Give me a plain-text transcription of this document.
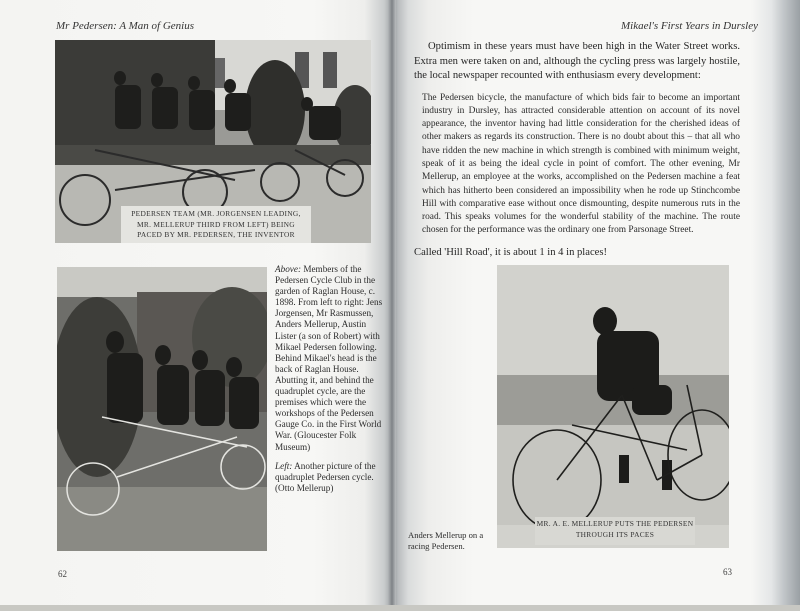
Mr Pedersen: A Man of Genius
PEDERSEN TEAM (MR. JORGENSEN LEADING,
MR. MELLERUP THIRD FROM LEFT) BEING
PACED BY MR. PEDERSEN, THE INVENTOR

Above: Members of the Pedersen Cycle Club in the garden of Raglan House, c. 1898. From left to right: Jens Jorgensen, Mr Rasmussen, Anders Mellerup, Austin Lister (a son of Robert) with Mikael Pedersen following. Behind Mikael's head is the back of Raglan House. Abutting it, and behind the quadruplet cycle, are the premises which were the workshops of the Pedersen Gauge Co. in the First World War. (Gloucester Folk Museum)

Left: Another picture of the quadruplet Pedersen cycle. (Otto Mellerup)

62
Mikael's First Years in Dursley

Optimism in these years must have been high in the Water Street works. Extra men were taken on and, although the cycling press was largely hostile, the local newspaper recounted with enthusiasm every development:

The Pedersen bicycle, the manufacture of which bids fair to become an important industry in Dursley, has attracted considerable attention on account of its novel appearance, the inventor having had little consideration for the cherished ideas of other makers as regards its construction. There is no doubt about this – that all who have ridden the new machine in which strength is combined with minimum weight, speak of it as being the ideal cycle in point of comfort. The other evening, Mr Mellerup, an employee at the works, accomplished on the Pedersen machine a feat which has hitherto been considered an impossibility when he rode up Stinchcombe Hill with comparative ease without once dismounting, despite numerous ruts in the road. This speaks volumes for the wonderful stability of the machine. The route chosen for the performance was the ordinary one from Parsonage Street.

Called 'Hill Road', it is about 1 in 4 in places!

MR. A. E. MELLERUP PUTS THE PEDERSEN
THROUGH ITS PACES
Anders Mellerup on a
racing Pedersen.
63
